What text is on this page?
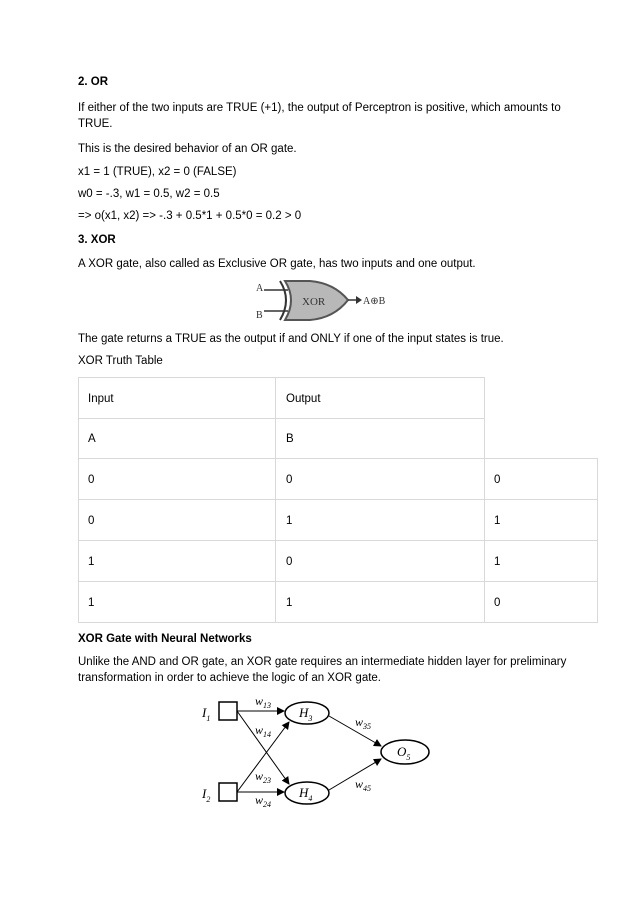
2. OR
If either of the two inputs are TRUE (+1), the output of Perceptron is positive, which amounts to
TRUE.
This is the desired behavior of an OR gate.
x1 = 1 (TRUE), x2 = 0 (FALSE)
w0 = -.3, w1 = 0.5, w2 = 0.5
=> o(x1, x2) => -.3 + 0.5*1 + 0.5*0 = 0.2 > 0
3. XOR
A XOR gate, also called as Exclusive OR gate, has two inputs and one output.
A
B
XOR	A⊕B
The gate returns a TRUE as the output if and ONLY if one of the input states is true.
XOR Truth Table
Input	Output
A	B
0	0	0
0	1	1
1	0	1
1	1	0
XOR Gate with Neural Networks
Unlike the AND and OR gate, an XOR gate requires an intermediate hidden layer for preliminary
transformation in order to achieve the logic of an XOR gate.
$I_1$
$I_2$
$H_3$
$H_4$
$O_5$
$w_{13}$
$w_{14}$
$w_{23}$
$w_{24}$
$w_{35}$
$w_{45}$
